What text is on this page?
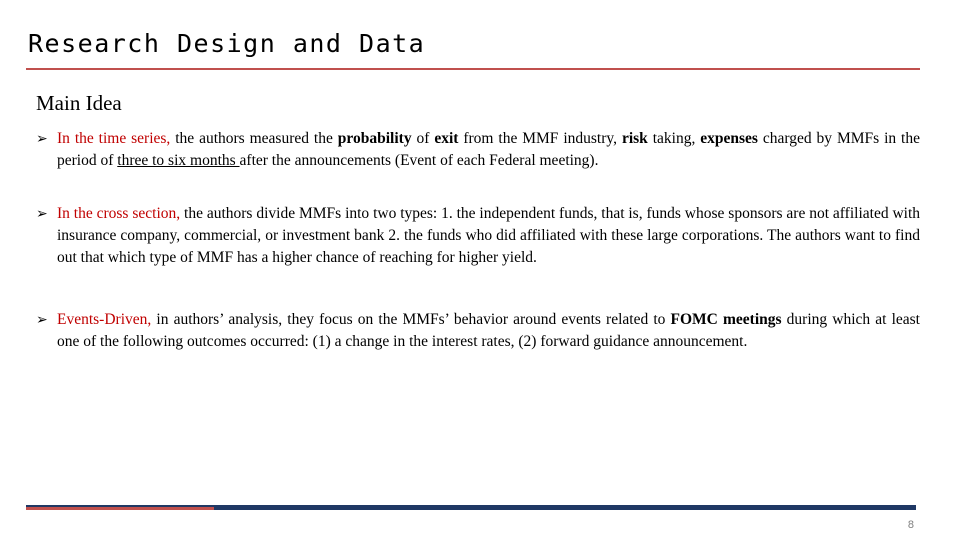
Research Design and Data
Main Idea
➢ In the time series, the authors measured the probability of exit from the MMF industry, risk taking, expenses charged by MMFs in the period of three to six months after the announcements (Event of each Federal meeting).
➢ In the cross section, the authors divide MMFs into two types: 1. the independent funds, that is, funds whose sponsors are not affiliated with insurance company, commercial, or investment bank 2. the funds who did affiliated with these large corporations. The authors want to find out that which type of MMF has a higher chance of reaching for higher yield.
➢ Events-Driven, in authors’ analysis, they focus on the MMFs’ behavior around events related to FOMC meetings during which at least one of the following outcomes occurred: (1) a change in the interest rates, (2) forward guidance announcement.
8
